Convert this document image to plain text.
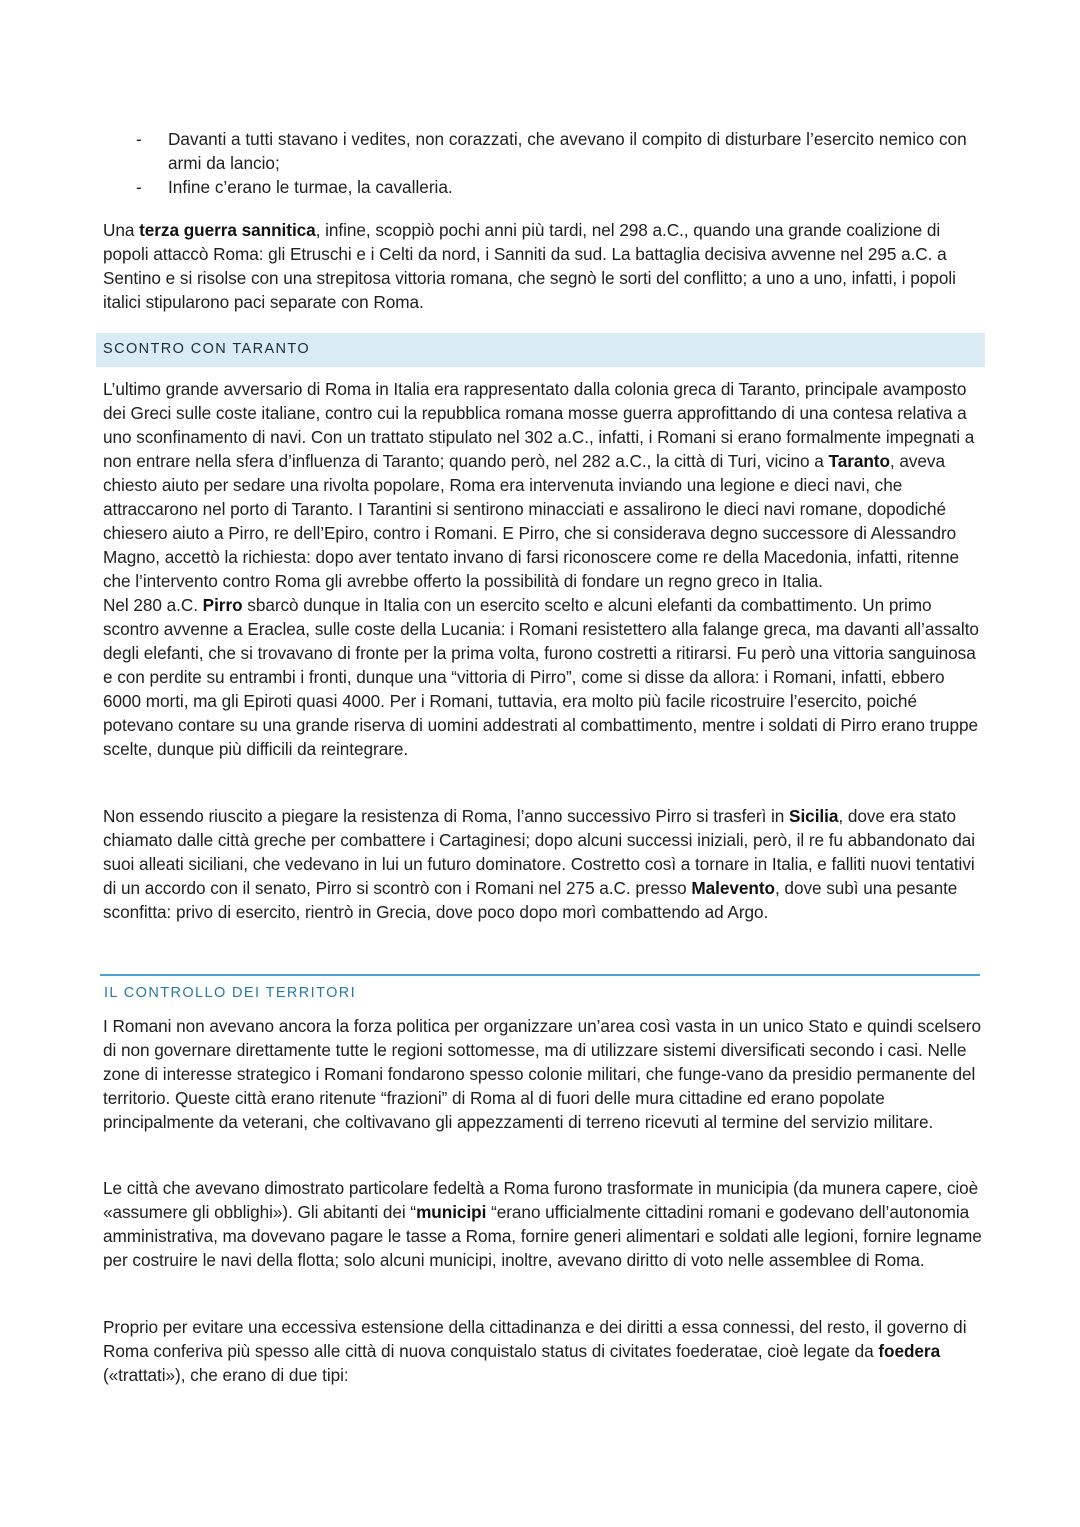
- Davanti a tutti stavano i vedites, non corazzati, che avevano il compito di disturbare l’esercito nemico con armi da lancio;
- Infine c’erano le turmae, la cavalleria.

Una terza guerra sannitica, infine, scoppiò pochi anni più tardi, nel 298 a.C., quando una grande coalizione di popoli attaccò Roma: gli Etruschi e i Celti da nord, i Sanniti da sud. La battaglia decisiva avvenne nel 295 a.C. a Sentino e si risolse con una strepitosa vittoria romana, che segnò le sorti del conflitto; a uno a uno, infatti, i popoli italici stipularono paci separate con Roma.

SCONTRO CON TARANTO

L’ultimo grande avversario di Roma in Italia era rappresentato dalla colonia greca di Taranto, principale avamposto dei Greci sulle coste italiane, contro cui la repubblica romana mosse guerra approfittando di una contesa relativa a uno sconfinamento di navi. Con un trattato stipulato nel 302 a.C., infatti, i Romani si erano formalmente impegnati a non entrare nella sfera d’influenza di Taranto; quando però, nel 282 a.C., la città di Turi, vicino a Taranto, aveva chiesto aiuto per sedare una rivolta popolare, Roma era intervenuta inviando una legione e dieci navi, che attraccarono nel porto di Taranto. I Tarantini si sentirono minacciati e assalirono le dieci navi romane, dopodiché chiesero aiuto a Pirro, re dell’Epiro, contro i Romani. E Pirro, che si considerava degno successore di Alessandro Magno, accettò la richiesta: dopo aver tentato invano di farsi riconoscere come re della Macedonia, infatti, ritenne che l’intervento contro Roma gli avrebbe offerto la possibilità di fondare un regno greco in Italia.
Nel 280 a.C. Pirro sbarcò dunque in Italia con un esercito scelto e alcuni elefanti da combattimento. Un primo scontro avvenne a Eraclea, sulle coste della Lucania: i Romani resistettero alla falange greca, ma davanti all’assalto degli elefanti, che si trovavano di fronte per la prima volta, furono costretti a ritirarsi. Fu però una vittoria sanguinosa e con perdite su entrambi i fronti, dunque una “vittoria di Pirro”, come si disse da allora: i Romani, infatti, ebbero 6000 morti, ma gli Epiroti quasi 4000. Per i Romani, tuttavia, era molto più facile ricostruire l’esercito, poiché potevano contare su una grande riserva di uomini addestrati al combattimento, mentre i soldati di Pirro erano truppe scelte, dunque più difficili da reintegrare.

Non essendo riuscito a piegare la resistenza di Roma, l’anno successivo Pirro si trasferì in Sicilia, dove era stato chiamato dalle città greche per combattere i Cartaginesi; dopo alcuni successi iniziali, però, il re fu abbandonato dai suoi alleati siciliani, che vedevano in lui un futuro dominatore. Costretto così a tornare in Italia, e falliti nuovi tentativi di un accordo con il senato, Pirro si scontrò con i Romani nel 275 a.C. presso Malevento, dove subì una pesante sconfitta: privo di esercito, rientrò in Grecia, dove poco dopo morì combattendo ad Argo.

IL CONTROLLO DEI TERRITORI

I Romani non avevano ancora la forza politica per organizzare un’area così vasta in un unico Stato e quindi scelsero di non governare direttamente tutte le regioni sottomesse, ma di utilizzare sistemi diversificati secondo i casi. Nelle zone di interesse strategico i Romani fondarono spesso colonie militari, che funge-vano da presidio permanente del territorio. Queste città erano ritenute “frazioni” di Roma al di fuori delle mura cittadine ed erano popolate principalmente da veterani, che coltivavano gli appezzamenti di terreno ricevuti al termine del servizio militare.

Le città che avevano dimostrato particolare fedeltà a Roma furono trasformate in municipia (da munera capere, cioè «assumere gli obblighi»). Gli abitanti dei “municipi “erano ufficialmente cittadini romani e godevano dell’autonomia amministrativa, ma dovevano pagare le tasse a Roma, fornire generi alimentari e soldati alle legioni, fornire legname per costruire le navi della flotta; solo alcuni municipi, inoltre, avevano diritto di voto nelle assemblee di Roma.

Proprio per evitare una eccessiva estensione della cittadinanza e dei diritti a essa connessi, del resto, il governo di Roma conferiva più spesso alle città di nuova conquistalo status di civitates foederatae, cioè legate da foedera («trattati»), che erano di due tipi:
